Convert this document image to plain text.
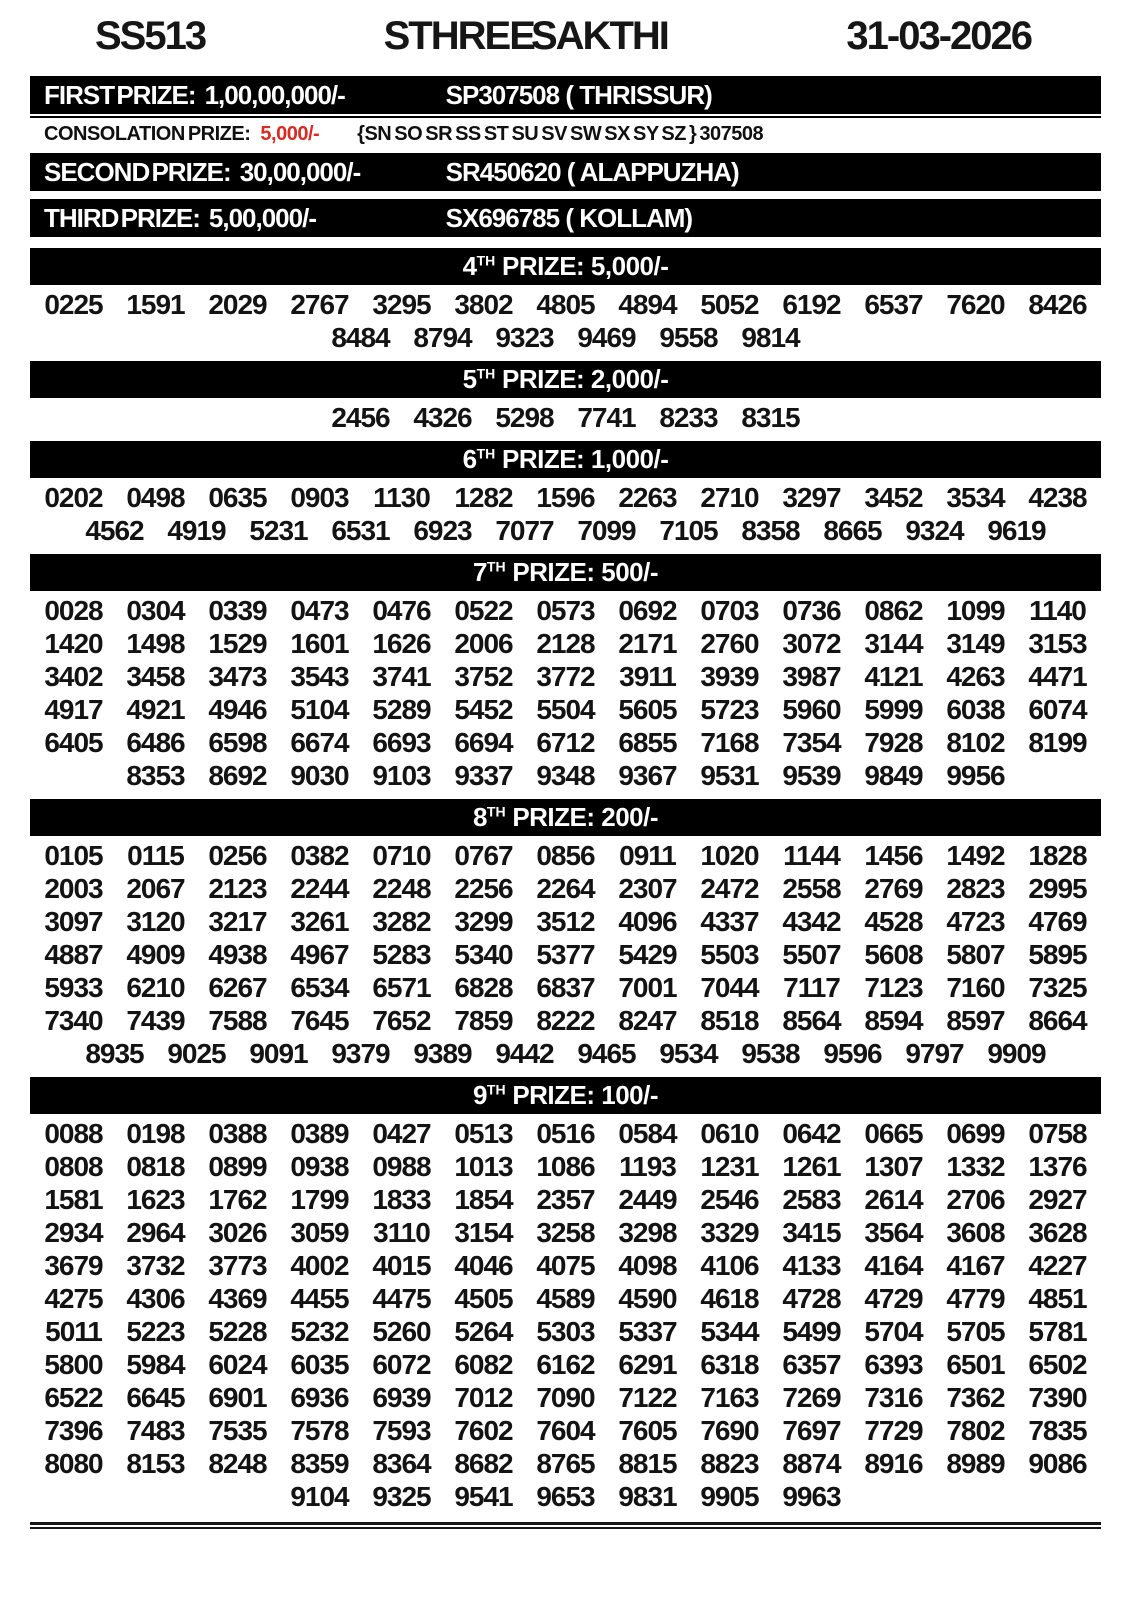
SS513	STHREE SAKTHI	31-03-2026
FIRST PRIZE: 1,00,00,000/-	SP307508 ( THRISSUR)
CONSOLATION PRIZE: 5,000/- {SN SO SR SS ST SU SV SW SX SY SZ } 307508
SECOND PRIZE: 30,00,000/-	SR450620 ( ALAPPUZHA)
THIRD PRIZE: 5,00,000/-	SX696785 ( KOLLAM)
4TH PRIZE: 5,000/-
0225 1591 2029 2767 3295 3802 4805 4894 5052 6192 6537 7620 8426
8484 8794 9323 9469 9558 9814
5TH PRIZE: 2,000/-
2456 4326 5298 7741 8233 8315
6TH PRIZE: 1,000/-
0202 0498 0635 0903 1130 1282 1596 2263 2710 3297 3452 3534 4238
4562 4919 5231 6531 6923 7077 7099 7105 8358 8665 9324 9619
7TH PRIZE: 500/-
0028 0304 0339 0473 0476 0522 0573 0692 0703 0736 0862 1099 1140
1420 1498 1529 1601 1626 2006 2128 2171 2760 3072 3144 3149 3153
3402 3458 3473 3543 3741 3752 3772 3911 3939 3987 4121 4263 4471
4917 4921 4946 5104 5289 5452 5504 5605 5723 5960 5999 6038 6074
6405 6486 6598 6674 6693 6694 6712 6855 7168 7354 7928 8102 8199
8353 8692 9030 9103 9337 9348 9367 9531 9539 9849 9956
8TH PRIZE: 200/-
0105 0115 0256 0382 0710 0767 0856 0911 1020 1144 1456 1492 1828
2003 2067 2123 2244 2248 2256 2264 2307 2472 2558 2769 2823 2995
3097 3120 3217 3261 3282 3299 3512 4096 4337 4342 4528 4723 4769
4887 4909 4938 4967 5283 5340 5377 5429 5503 5507 5608 5807 5895
5933 6210 6267 6534 6571 6828 6837 7001 7044 7117 7123 7160 7325
7340 7439 7588 7645 7652 7859 8222 8247 8518 8564 8594 8597 8664
8935 9025 9091 9379 9389 9442 9465 9534 9538 9596 9797 9909
9TH PRIZE: 100/-
0088 0198 0388 0389 0427 0513 0516 0584 0610 0642 0665 0699 0758
0808 0818 0899 0938 0988 1013 1086 1193 1231 1261 1307 1332 1376
1581 1623 1762 1799 1833 1854 2357 2449 2546 2583 2614 2706 2927
2934 2964 3026 3059 3110 3154 3258 3298 3329 3415 3564 3608 3628
3679 3732 3773 4002 4015 4046 4075 4098 4106 4133 4164 4167 4227
4275 4306 4369 4455 4475 4505 4589 4590 4618 4728 4729 4779 4851
5011 5223 5228 5232 5260 5264 5303 5337 5344 5499 5704 5705 5781
5800 5984 6024 6035 6072 6082 6162 6291 6318 6357 6393 6501 6502
6522 6645 6901 6936 6939 7012 7090 7122 7163 7269 7316 7362 7390
7396 7483 7535 7578 7593 7602 7604 7605 7690 7697 7729 7802 7835
8080 8153 8248 8359 8364 8682 8765 8815 8823 8874 8916 8989 9086
9104 9325 9541 9653 9831 9905 9963
